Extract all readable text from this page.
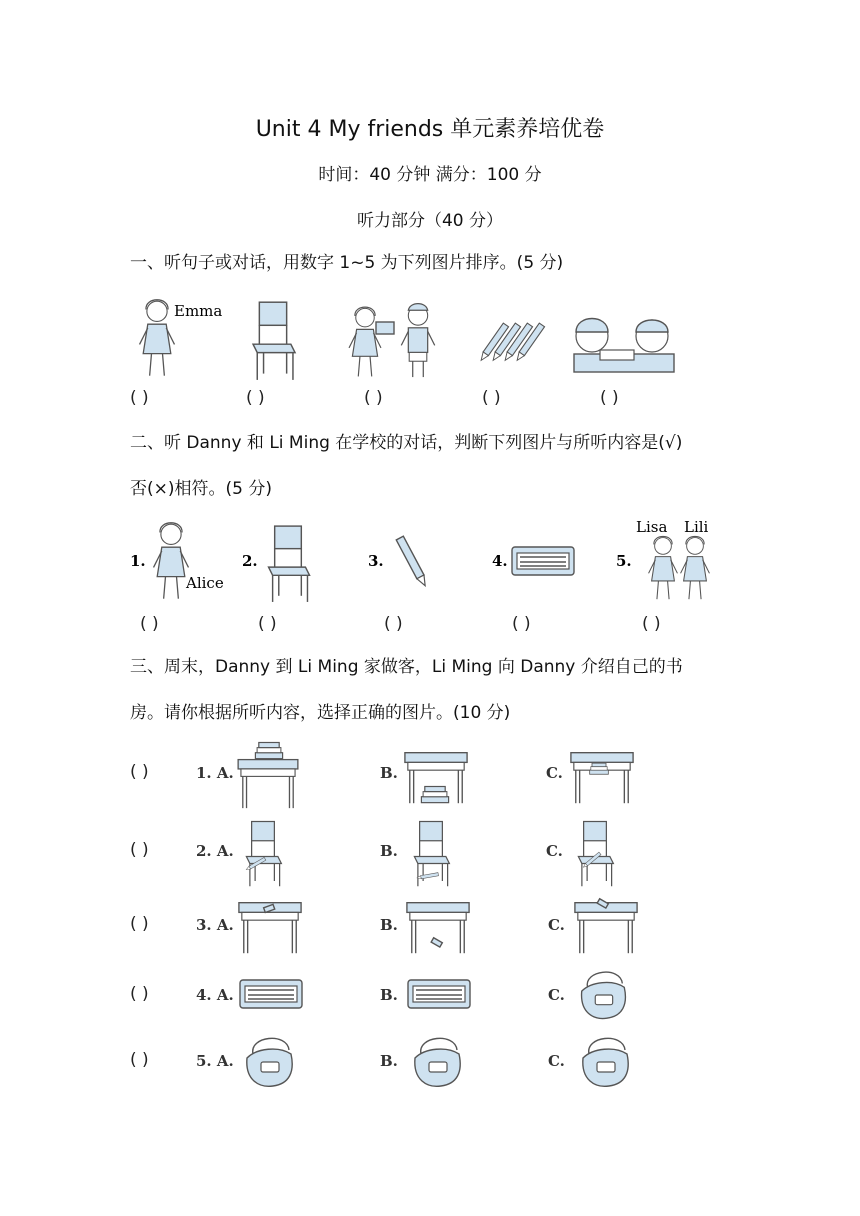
Unit 4 My friends 单元素养培优卷
时间：40 分钟 满分：100 分
听力部分（40 分）
一、听句子或对话，用数字 1~5 为下列图片排序。(5 分)
Emma
( )	( )	( )	( )	( )
二、听 Danny 和 Li Ming 在学校的对话，判断下列图片与所听内容是(√)
否(×)相符。(5 分)
1.
Alice
2.	3.	4.	5.
Lisa Lili
( )	( )	( )	( )	( )
三、周末，Danny 到 Li Ming 家做客，Li Ming 向 Danny 介绍自己的书
房。请你根据所听内容，选择正确的图片。(10 分)
( )	1. A.	B.	C.
( )	2. A.	B.	C.
( )	3. A.	B.	C.
( )	4. A.	B.	C.
( )	5. A.	B.	C.
